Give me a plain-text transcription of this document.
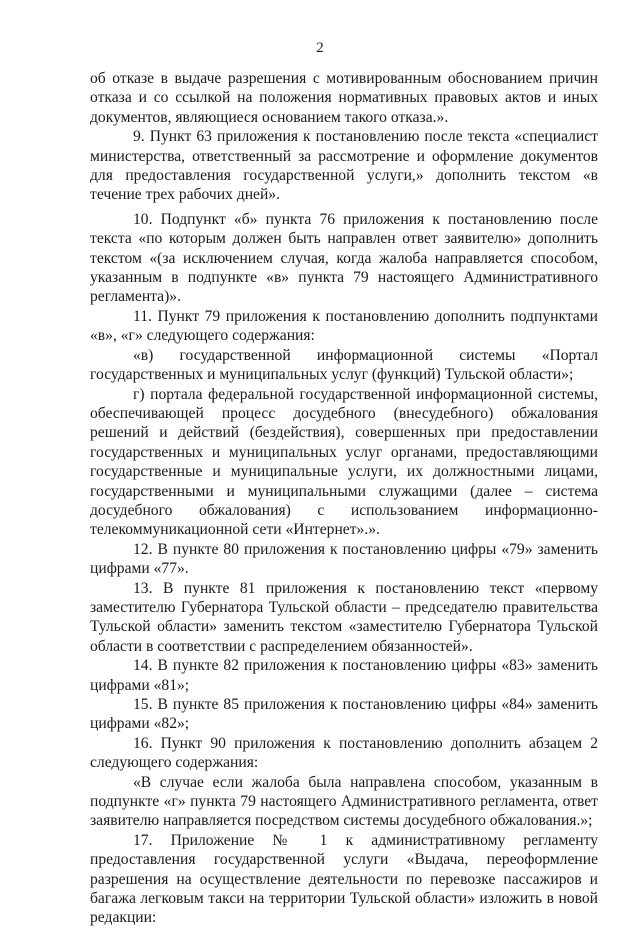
2

об отказе в выдаче разрешения с мотивированным обоснованием причин отказа и со ссылкой на положения нормативных правовых актов и иных документов, являющиеся основанием такого отказа.».

9. Пункт 63 приложения к постановлению после текста «специалист министерства, ответственный за рассмотрение и оформление документов для предоставления государственной услуги,» дополнить текстом «в течение трех рабочих дней».

10. Подпункт «б» пункта 76 приложения к постановлению после текста «по которым должен быть направлен ответ заявителю» дополнить текстом «(за исключением случая, когда жалоба направляется способом, указанным в подпункте «в» пункта 79 настоящего Административного регламента)».

11. Пункт 79 приложения к постановлению дополнить подпунктами «в», «г» следующего содержания:

«в) государственной информационной системы «Портал государственных и муниципальных услуг (функций) Тульской области»;

г) портала федеральной государственной информационной системы, обеспечивающей процесс досудебного (внесудебного) обжалования решений и действий (бездействия), совершенных при предоставлении государственных и муниципальных услуг органами, предоставляющими государственные и муниципальные услуги, их должностными лицами, государственными и муниципальными служащими (далее – система досудебного обжалования) с использованием информационно-телекоммуникационной сети «Интернет».».

12. В пункте 80 приложения к постановлению цифры «79» заменить цифрами «77».

13. В пункте 81 приложения к постановлению текст «первому заместителю Губернатора Тульской области – председателю правительства Тульской области» заменить текстом «заместителю Губернатора Тульской области в соответствии с распределением обязанностей».

14. В пункте 82 приложения к постановлению цифры «83» заменить цифрами «81»;

15. В пункте 85 приложения к постановлению цифры «84» заменить цифрами «82»;

16. Пункт 90 приложения к постановлению дополнить абзацем 2 следующего содержания:

«В случае если жалоба была направлена способом, указанным в подпункте «г» пункта 79 настоящего Административного регламента, ответ заявителю направляется посредством системы досудебного обжалования.»;

17. Приложение № 1 к административному регламенту предоставления государственной услуги «Выдача, переоформление разрешения на осуществление деятельности по перевозке пассажиров и багажа легковым такси на территории Тульской области» изложить в новой редакции:
